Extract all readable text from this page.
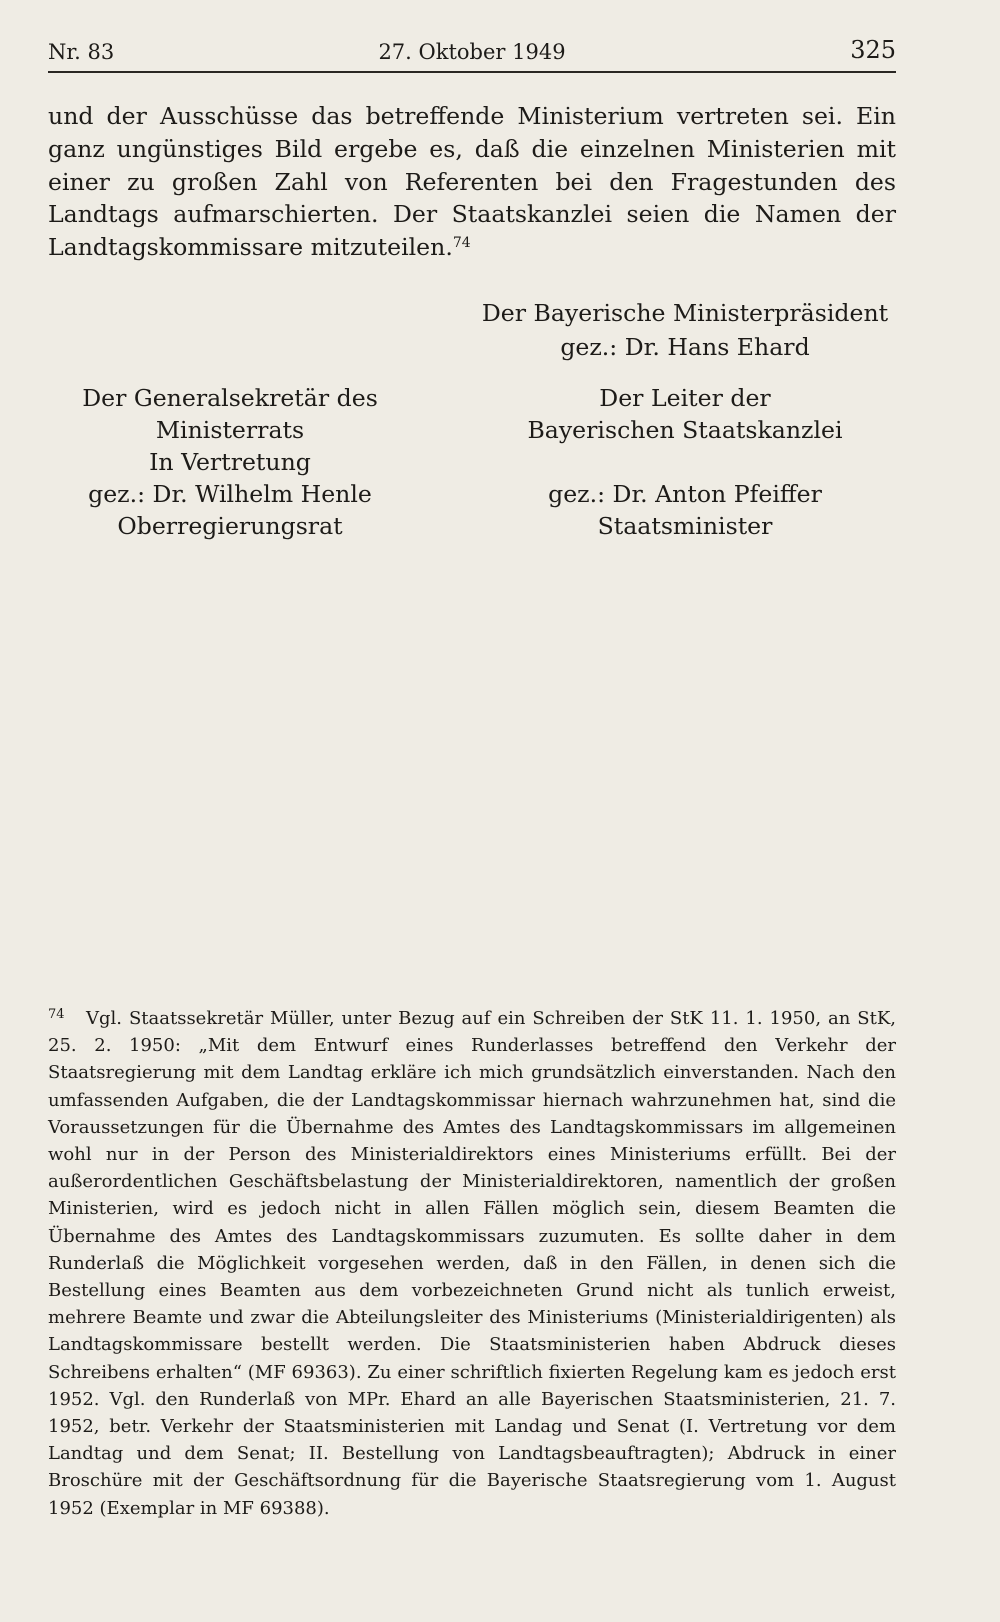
Nr. 83	27. Oktober 1949	325
und der Ausschüsse das betreffende Ministerium vertreten sei. Ein ganz ungünstiges Bild ergebe es, daß die einzelnen Ministerien mit einer zu großen Zahl von Referenten bei den Fragestunden des Landtags aufmarschierten. Der Staatskanzlei seien die Namen der Landtagskommissare mitzuteilen.$^{74}$
Der Bayerische Ministerpräsident
gez.: Dr. Hans Ehard
Der Generalsekretär des
Ministerrats
In Vertretung
gez.: Dr. Wilhelm Henle
Oberregierungsrat
Der Leiter der
Bayerischen Staatskanzlei
gez.: Dr. Anton Pfeiffer
Staatsminister
74	Vgl. Staatssekretär Müller, unter Bezug auf ein Schreiben der StK 11. 1. 1950, an StK, 25. 2. 1950: „Mit dem Entwurf eines Runderlasses betreffend den Verkehr der Staatsregierung mit dem Landtag erkläre ich mich grundsätzlich einverstanden. Nach den umfassenden Aufgaben, die der Landtagskommissar hiernach wahrzunehmen hat, sind die Voraussetzungen für die Übernahme des Amtes des Landtagskommissars im allgemeinen wohl nur in der Person des Ministerialdirektors eines Ministeriums erfüllt. Bei der außerordentlichen Geschäftsbelastung der Ministerialdirektoren, namentlich der großen Ministerien, wird es jedoch nicht in allen Fällen möglich sein, diesem Beamten die Übernahme des Amtes des Landtagskommissars zuzumuten. Es sollte daher in dem Runderlaß die Möglichkeit vorgesehen werden, daß in den Fällen, in denen sich die Bestellung eines Beamten aus dem vorbezeichneten Grund nicht als tunlich erweist, mehrere Beamte und zwar die Abteilungsleiter des Ministeriums (Ministerialdirigenten) als Landtagskommissare bestellt werden. Die Staatsministerien haben Abdruck dieses Schreibens erhalten“ (MF 69363). Zu einer schriftlich fixierten Regelung kam es jedoch erst 1952. Vgl. den Runderlaß von MPr. Ehard an alle Bayerischen Staatsministerien, 21. 7. 1952, betr. Verkehr der Staatsministerien mit Landag und Senat (I. Vertretung vor dem Landtag und dem Senat; II. Bestellung von Landtagsbeauftragten); Abdruck in einer Broschüre mit der Geschäftsordnung für die Bayerische Staatsregierung vom 1. August 1952 (Exemplar in MF 69388).
